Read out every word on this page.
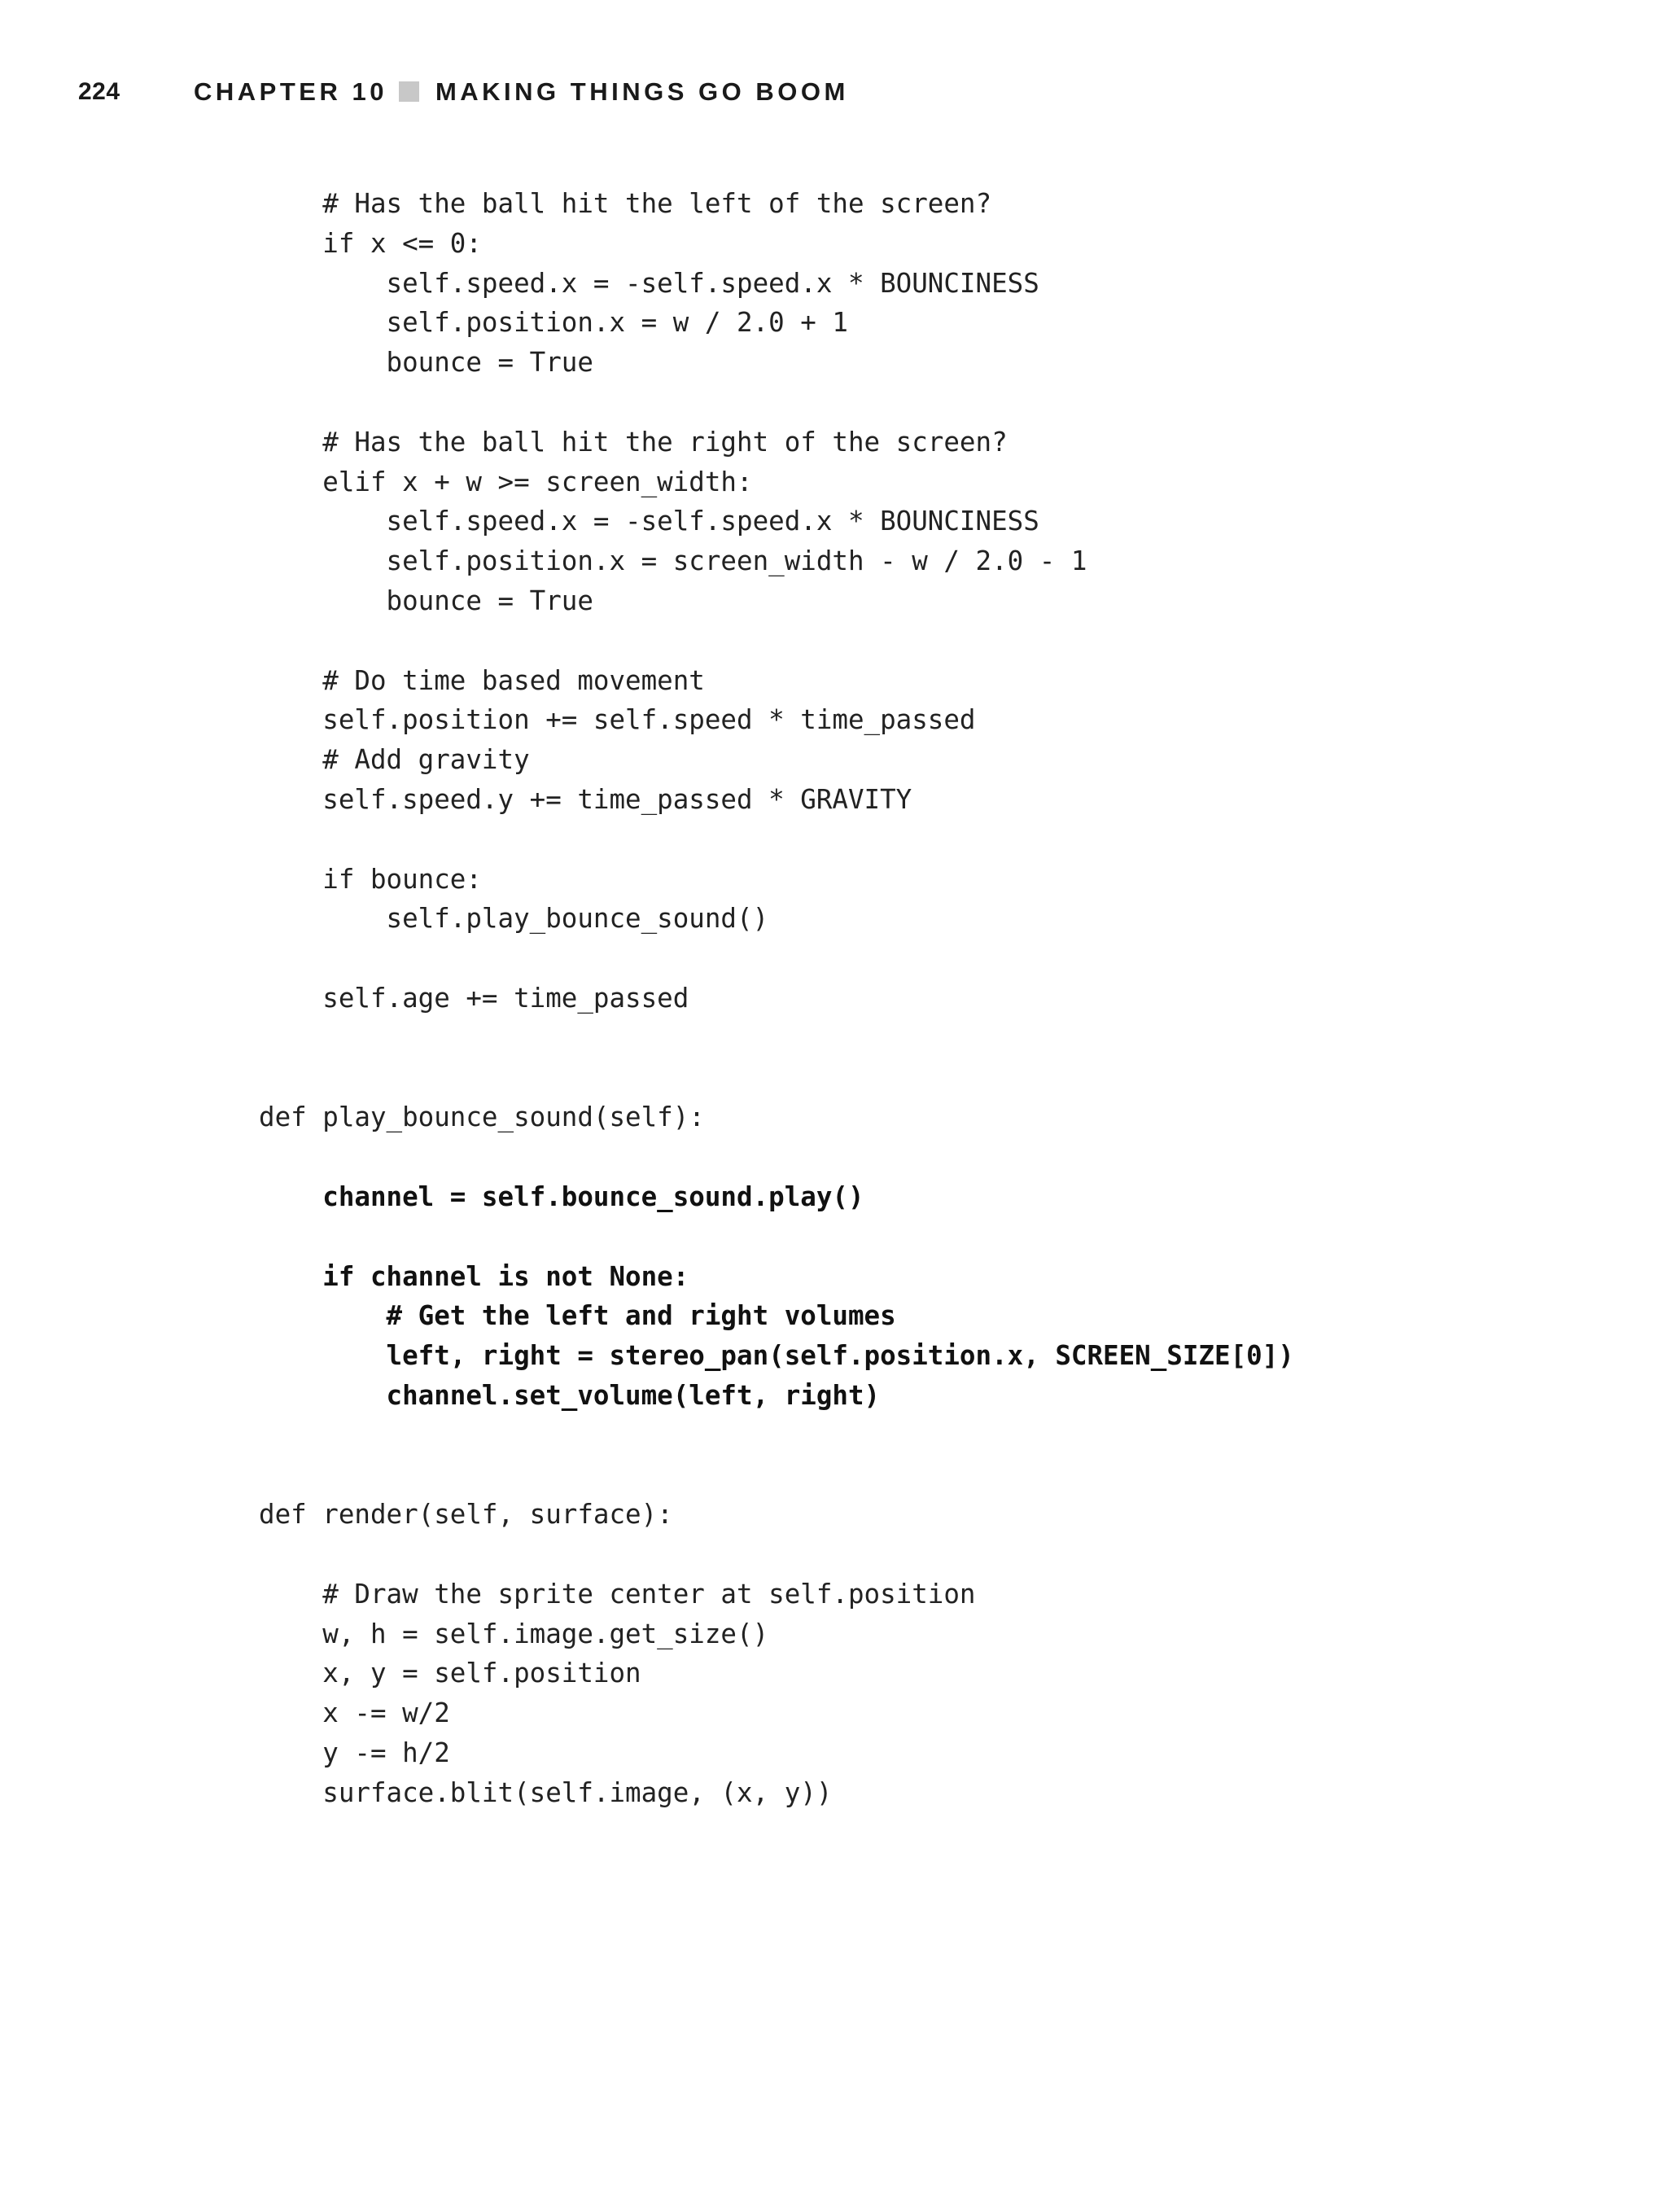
224	CHAPTER 10 MAKING THINGS GO BOOM
# Has the ball hit the left of the screen?
if x <= 0:
self.speed.x = -self.speed.x * BOUNCINESS
self.position.x = w / 2.0 + 1
bounce = True
# Has the ball hit the right of the screen?
elif x + w >= screen_width:
self.speed.x = -self.speed.x * BOUNCINESS
self.position.x = screen_width - w / 2.0 - 1
bounce = True
# Do time based movement
self.position += self.speed * time_passed
# Add gravity
self.speed.y += time_passed * GRAVITY
if bounce:
self.play_bounce_sound()
self.age += time_passed
def play_bounce_sound(self):
channel = self.bounce_sound.play()
if channel is not None:
# Get the left and right volumes
left, right = stereo_pan(self.position.x, SCREEN_SIZE[0])
channel.set_volume(left, right)
def render(self, surface):
# Draw the sprite center at self.position
w, h = self.image.get_size()
x, y = self.position
x -= w/2
y -= h/2
surface.blit(self.image, (x, y))
